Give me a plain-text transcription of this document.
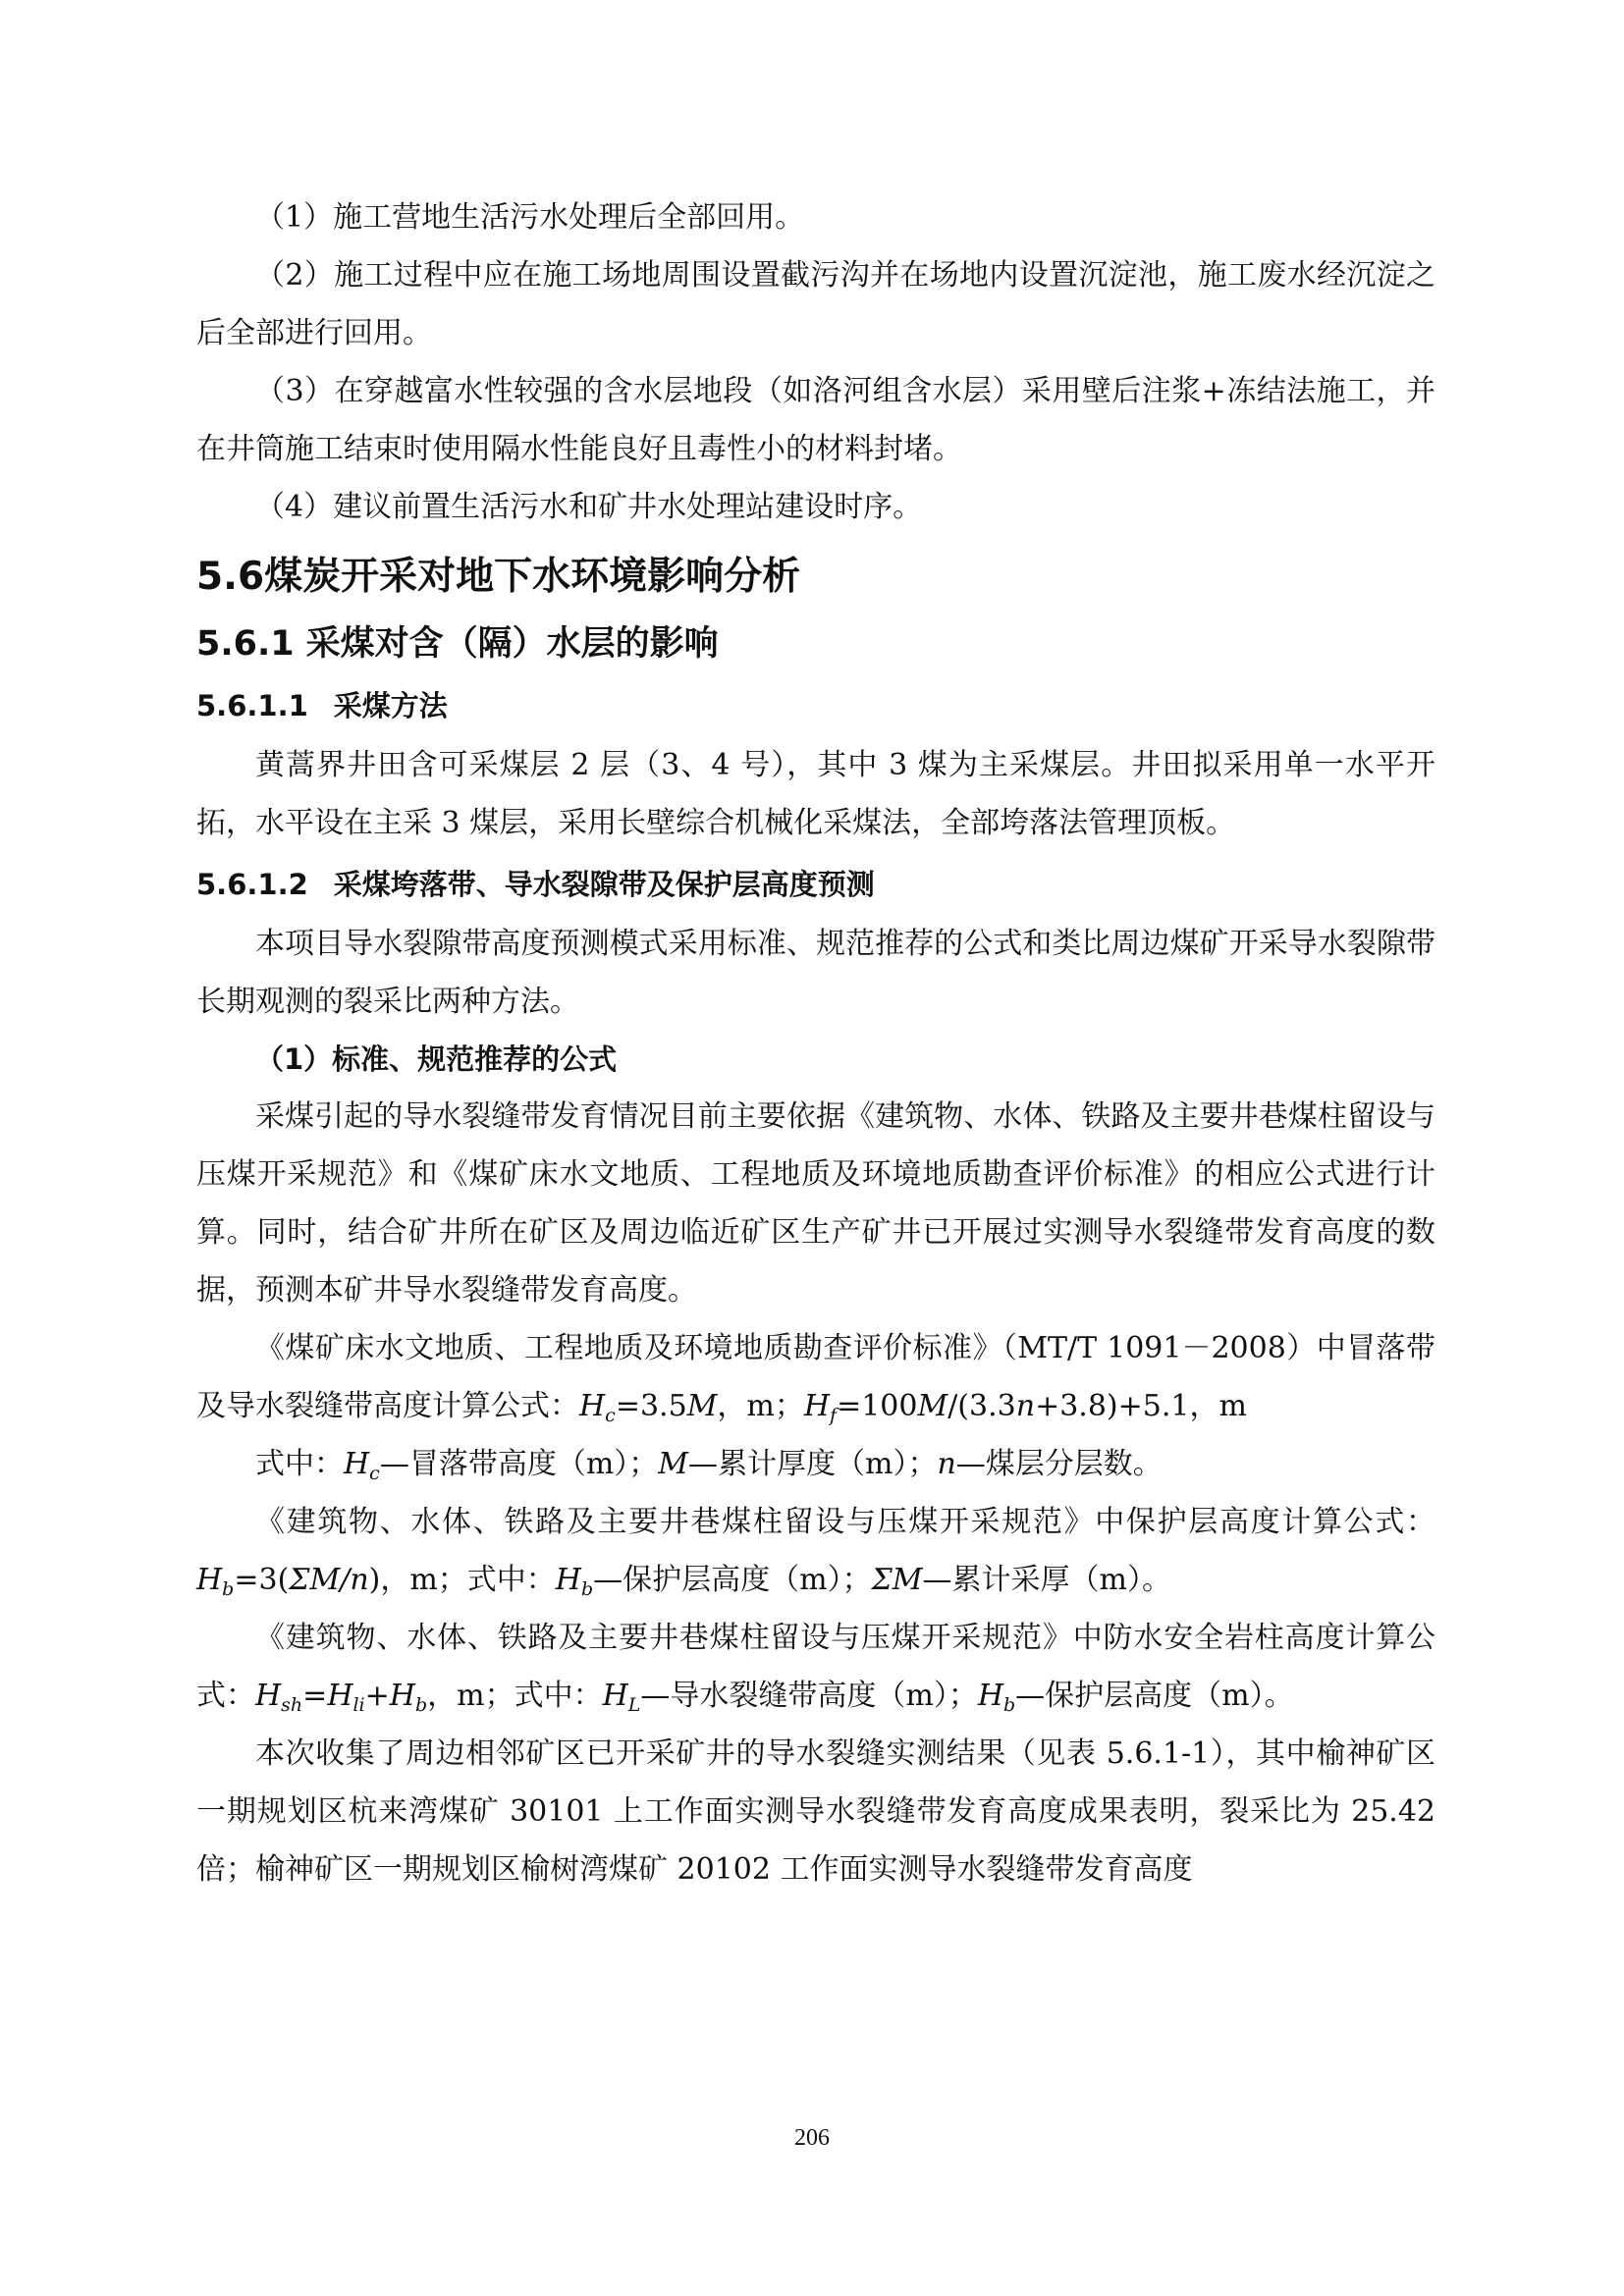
（1）施工营地生活污水处理后全部回用。

（2）施工过程中应在施工场地周围设置截污沟并在场地内设置沉淀池，施工废水经沉淀之后全部进行回用。

（3）在穿越富水性较强的含水层地段（如洛河组含水层）采用壁后注浆+冻结法施工，并在井筒施工结束时使用隔水性能良好且毒性小的材料封堵。

（4）建议前置生活污水和矿井水处理站建设时序。

5.6煤炭开采对地下水环境影响分析
5.6.1 采煤对含（隔）水层的影响
5.6.1.1 采煤方法

黄蒿界井田含可采煤层 2 层（3、4 号），其中 3 煤为主采煤层。井田拟采用单一水平开拓，水平设在主采 3 煤层，采用长壁综合机械化采煤法，全部垮落法管理顶板。

5.6.1.2 采煤垮落带、导水裂隙带及保护层高度预测

本项目导水裂隙带高度预测模式采用标准、规范推荐的公式和类比周边煤矿开采导水裂隙带长期观测的裂采比两种方法。

（1）标准、规范推荐的公式

采煤引起的导水裂缝带发育情况目前主要依据《建筑物、水体、铁路及主要井巷煤柱留设与压煤开采规范》和《煤矿床水文地质、工程地质及环境地质勘查评价标准》的相应公式进行计算。同时，结合矿井所在矿区及周边临近矿区生产矿井已开展过实测导水裂缝带发育高度的数据，预测本矿井导水裂缝带发育高度。

《煤矿床水文地质、工程地质及环境地质勘查评价标准》（MT/T 1091－2008）中冒落带及导水裂缝带高度计算公式：$H_c=3.5M$，m；$H_f=100M/(3.3n+3.8)+5.1$，m

式中：$H_c—$冒落带高度（m）；M—累计厚度（m）；n—煤层分层数。

《建筑物、水体、铁路及主要井巷煤柱留设与压煤开采规范》中保护层高度计算公式：$H_b=3(\Sigma M/n)$，m；式中：$H_b—$保护层高度（m）；ΣM—累计采厚（m）。

《建筑物、水体、铁路及主要井巷煤柱留设与压煤开采规范》中防水安全岩柱高度计算公式：$H_{sh}=H_{li}+H_b$，m；式中：$H_L—$导水裂缝带高度（m）；$H_b—$保护层高度（m）。

本次收集了周边相邻矿区已开采矿井的导水裂缝实测结果（见表 5.6.1-1），其中榆神矿区一期规划区杭来湾煤矿 30101 上工作面实测导水裂缝带发育高度成果表明，裂采比为 25.42 倍；榆神矿区一期规划区榆树湾煤矿 20102 工作面实测导水裂缝带发育高度

206
